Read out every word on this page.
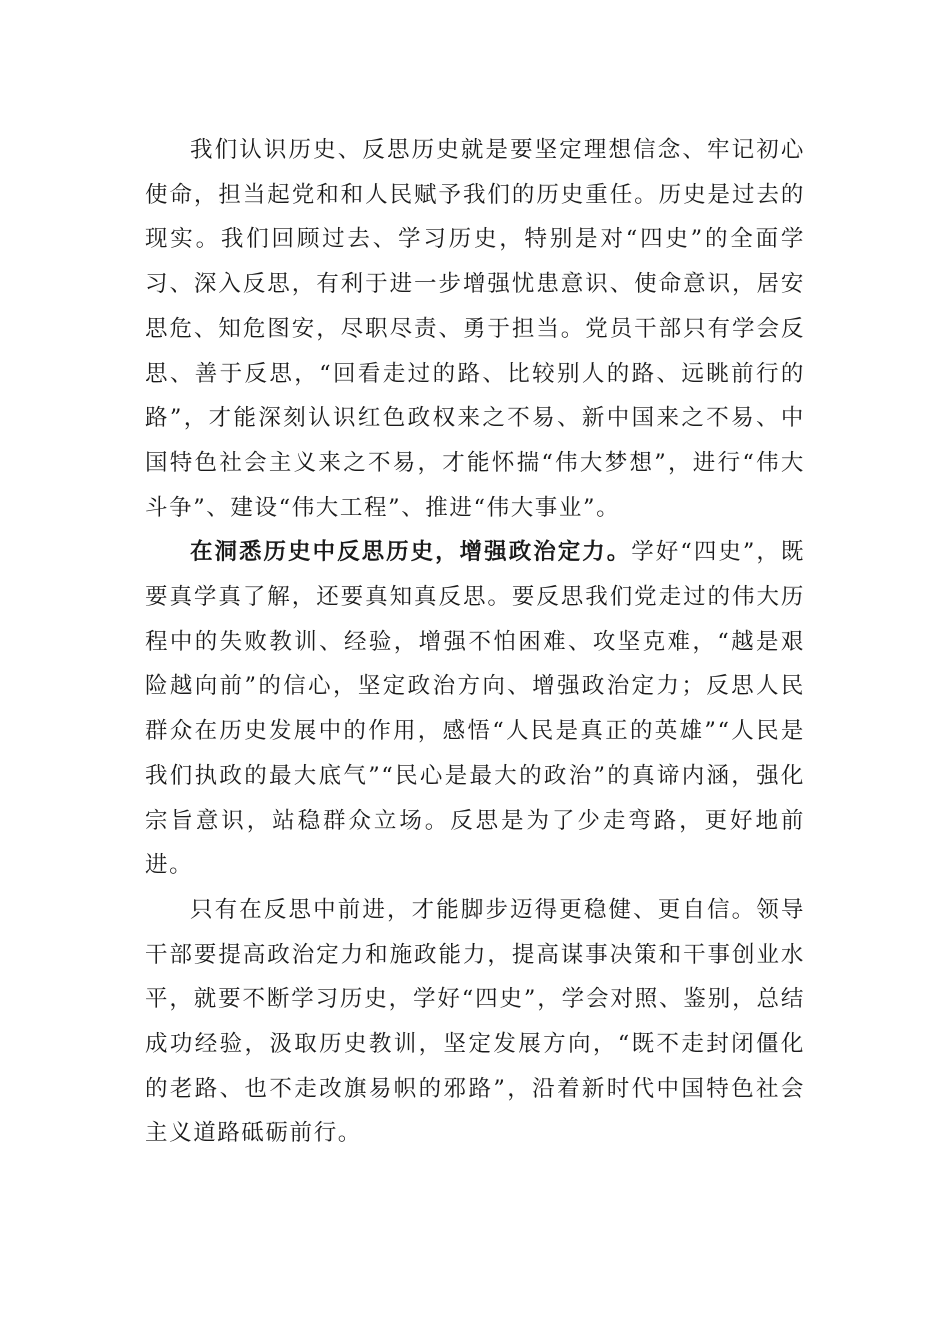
我们认识历史、反思历史就是要坚定理想信念、牢记初心使命，担当起党和和人民赋予我们的历史重任。历史是过去的现实。我们回顾过去、学习历史，特别是对“四史”的全面学习、深入反思，有利于进一步增强忧患意识、使命意识，居安思危、知危图安，尽职尽责、勇于担当。党员干部只有学会反思、善于反思，“回看走过的路、比较别人的路、远眺前行的路”，才能深刻认识红色政权来之不易、新中国来之不易、中国特色社会主义来之不易，才能怀揣“伟大梦想”，进行“伟大斗争”、建设“伟大工程”、推进“伟大事业”。

在洞悉历史中反思历史，增强政治定力。学好“四史”，既要真学真了解，还要真知真反思。要反思我们党走过的伟大历程中的失败教训、经验，增强不怕困难、攻坚克难，“越是艰险越向前”的信心，坚定政治方向、增强政治定力；反思人民群众在历史发展中的作用，感悟“人民是真正的英雄”“人民是我们执政的最大底气”“民心是最大的政治”的真谛内涵，强化宗旨意识，站稳群众立场。反思是为了少走弯路，更好地前进。

只有在反思中前进，才能脚步迈得更稳健、更自信。领导干部要提高政治定力和施政能力，提高谋事决策和干事创业水平，就要不断学习历史，学好“四史”，学会对照、鉴别，总结成功经验，汲取历史教训，坚定发展方向，“既不走封闭僵化的老路、也不走改旗易帜的邪路”，沿着新时代中国特色社会主义道路砥砺前行。
